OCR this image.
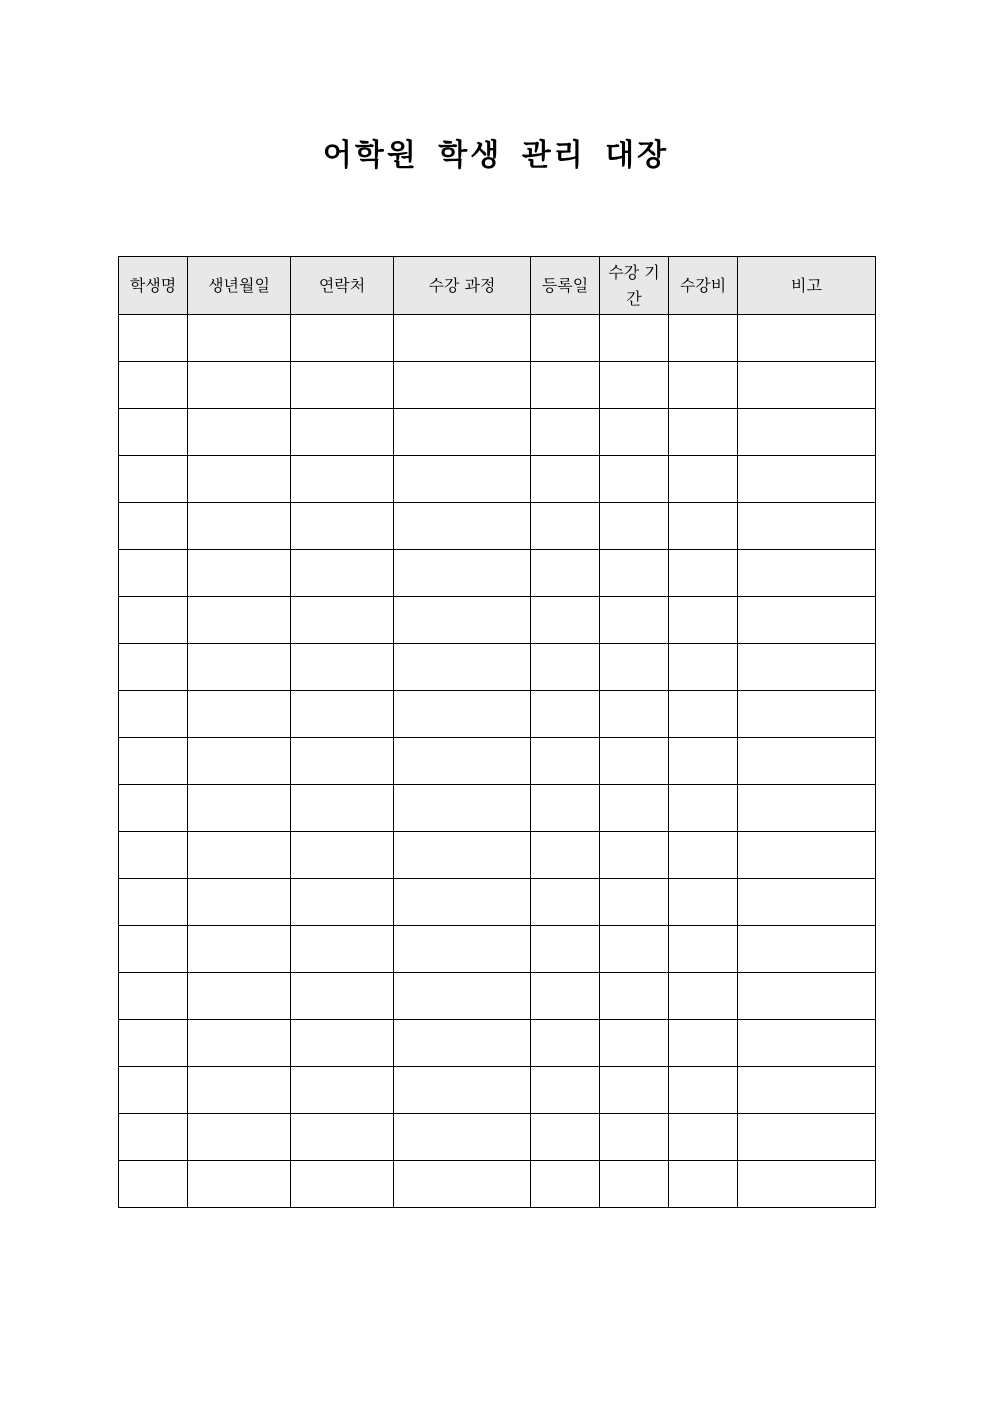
어학원 학생 관리 대장
학생명	생년월일	연락처	수강 과정	등록일	수강 기간	수강비	비고
